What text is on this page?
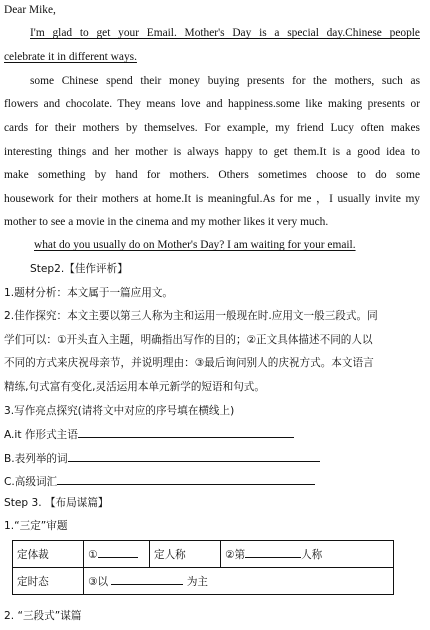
Dear Mike,
I'm glad to get your Email. Mother's Day is a special day.Chinese people
celebrate it in different ways.
some Chinese spend their money buying presents for the mothers, such as
flowers and chocolate. They means love and happiness.some like making presents or
cards for their mothers by themselves. For example, my friend Lucy often makes
interesting things and her mother is always happy to get them.It is a good idea to
make something by hand for mothers. Others sometimes choose to do some
housework for their mothers at home.It is meaningful.As for me ，I usually invite my
mother to see a movie in the cinema and my mother likes it very much.
what do you usually do on Mother's Day? I am waiting for your email.
Step2.【佳作评析】
1.题材分析：本文属于一篇应用文。
2.佳作探究：本文主要以第三人称为主和运用一般现在时.应用文一般三段式。同
学们可以：①开头直入主题，明确指出写作的目的；②正文具体描述不同的人以
不同的方式来庆祝母亲节，并说明理由：③最后询问别人的庆祝方式。本文语言
精练,句式富有变化,灵活运用本单元新学的短语和句式。
3.写作亮点探究(请将文中对应的序号填在横线上)
A.it 作形式主语
B.表列举的词
C.高级词汇
Step 3. 【布局谋篇】
1.“三定”审题
定体裁	①	定人称	②第 人称
定时态	③以 为主		
2. “三段式”谋篇
